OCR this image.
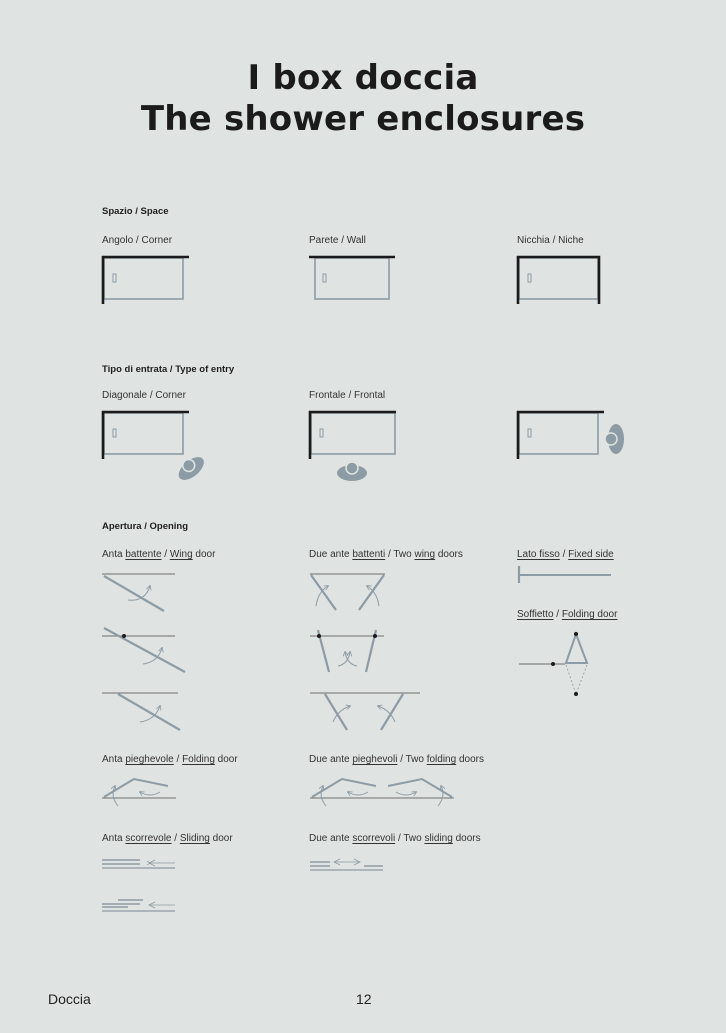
I box doccia
The shower enclosures
Spazio / Space
Angolo / Corner	Parete / Wall	Nicchia / Niche
Tipo di entrata / Type of entry
Diagonale / Corner	Frontale / Frontal
Apertura / Opening
Anta battente / Wing door	Due ante battenti / Two wing doors	Lato fisso / Fixed side
Soffietto / Folding door
Anta pieghevole / Folding door	Due ante pieghevoli / Two folding doors
Anta scorrevole / Sliding door	Due ante scorrevoli / Two sliding doors
Doccia	12
